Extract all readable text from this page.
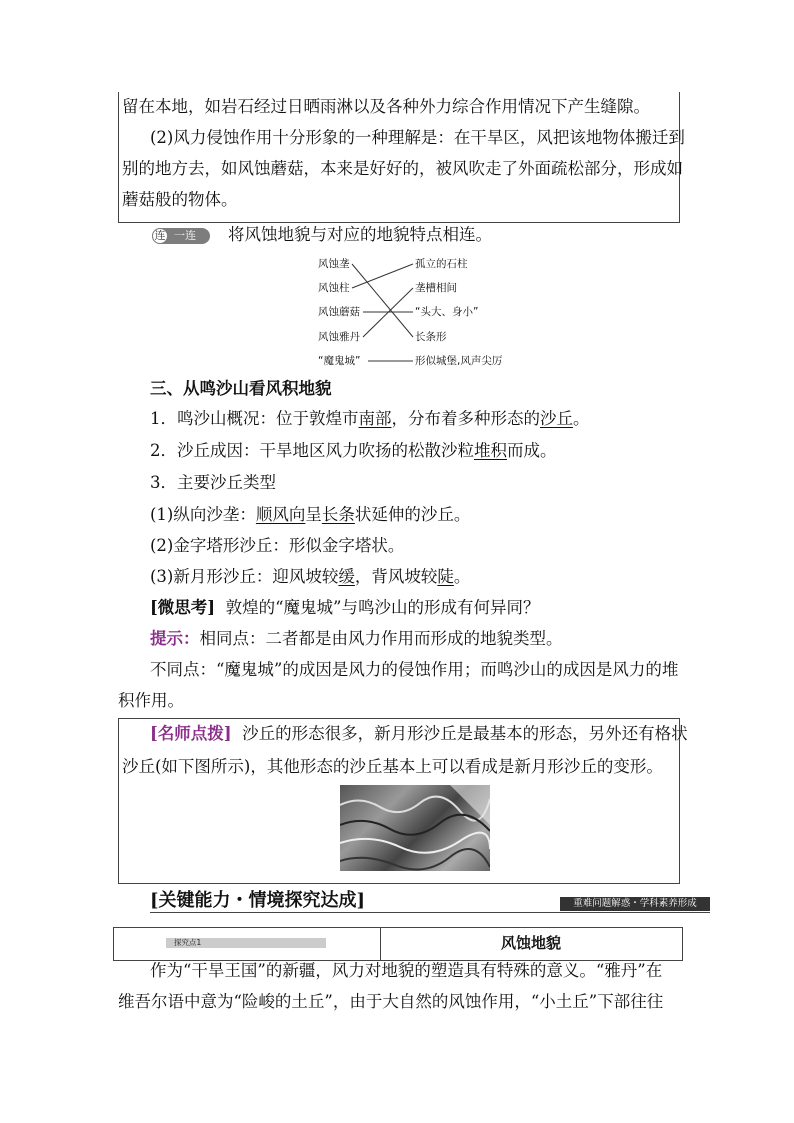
留在本地，如岩石经过日晒雨淋以及各种外力综合作用情况下产生缝隙。
(2)风力侵蚀作用十分形象的一种理解是：在干旱区，风把该地物体搬迁到
别的地方去，如风蚀蘑菇，本来是好好的，被风吹走了外面疏松部分，形成如
蘑菇般的物体。
连 一连 将风蚀地貌与对应的地貌特点相连。
风蚀垄
风蚀柱
风蚀蘑菇
风蚀雅丹
“魔鬼城”
孤立的石柱
垄槽相间
“头大、身小”
长条形
形似城堡,风声尖厉
三、从鸣沙山看风积地貌
1．鸣沙山概况：位于敦煌市南部，分布着多种形态的沙丘。
2．沙丘成因：干旱地区风力吹扬的松散沙粒堆积而成。
3．主要沙丘类型
(1)纵向沙垄：顺风向呈长条状延伸的沙丘。
(2)金字塔形沙丘：形似金字塔状。
(3)新月形沙丘：迎风坡较缓，背风坡较陡。
[微思考] 敦煌的“魔鬼城”与鸣沙山的形成有何异同？
提示：相同点：二者都是由风力作用而形成的地貌类型。
不同点：“魔鬼城”的成因是风力的侵蚀作用；而鸣沙山的成因是风力的堆
积作用。
[名师点拨] 沙丘的形态很多，新月形沙丘是最基本的形态，另外还有格状
沙丘(如下图所示)，其他形态的沙丘基本上可以看成是新月形沙丘的变形。
[关键能力・情境探究达成]	重难问题解惑・学科素养形成
探究点1	风蚀地貌
作为“干旱王国”的新疆，风力对地貌的塑造具有特殊的意义。“雅丹”在
维吾尔语中意为“险峻的土丘”，由于大自然的风蚀作用，“小土丘”下部往往
